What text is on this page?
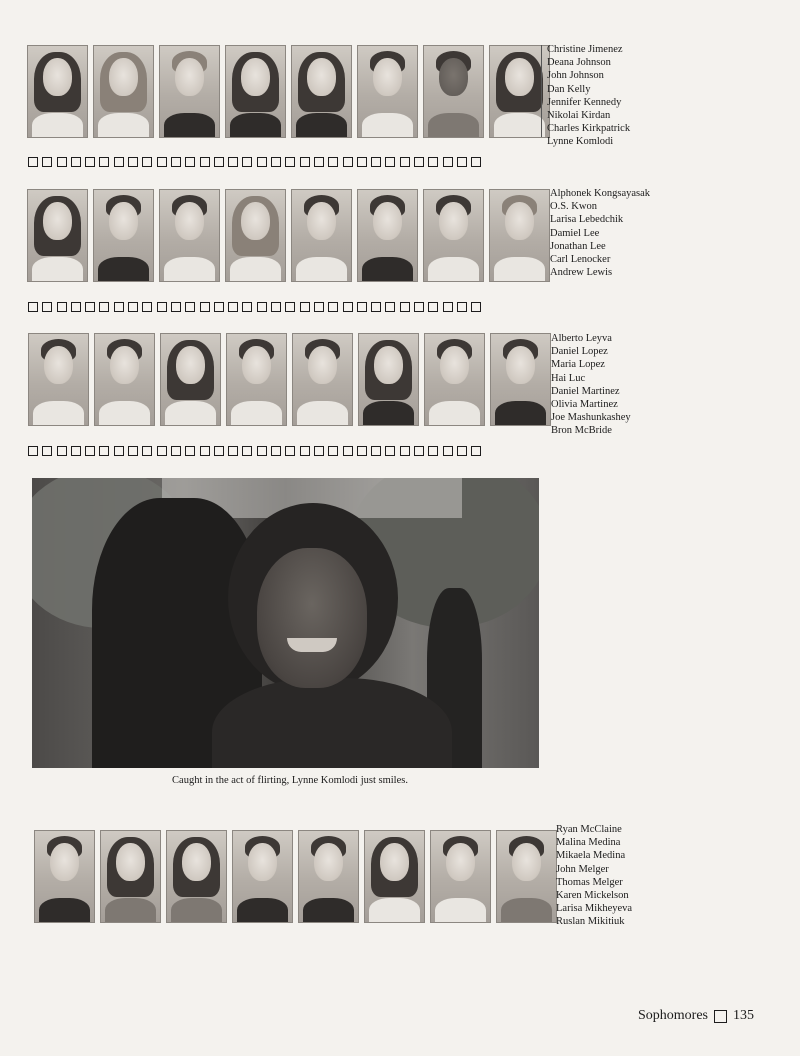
Christine Jimenez
Deana Johnson
John Johnson
Dan Kelly
Jennifer Kennedy
Nikolai Kirdan
Charles Kirkpatrick
Lynne Komlodi
Alphonek Kongsayasak
O.S. Kwon
Larisa Lebedchik
Damiel Lee
Jonathan Lee
Carl Lenocker
Andrew Lewis
Alberto Leyva
Daniel Lopez
Maria Lopez
Hai Luc
Daniel Martinez
Olivia Martinez
Joe Mashunkashey
Bron McBride
Caught in the act of flirting, Lynne Komlodi just smiles.
Ryan McClaine
Malina Medina
Mikaela Medina
John Melger
Thomas Melger
Karen Mickelson
Larisa Mikheyeva
Ruslan Mikitiuk
Sophomores 135
